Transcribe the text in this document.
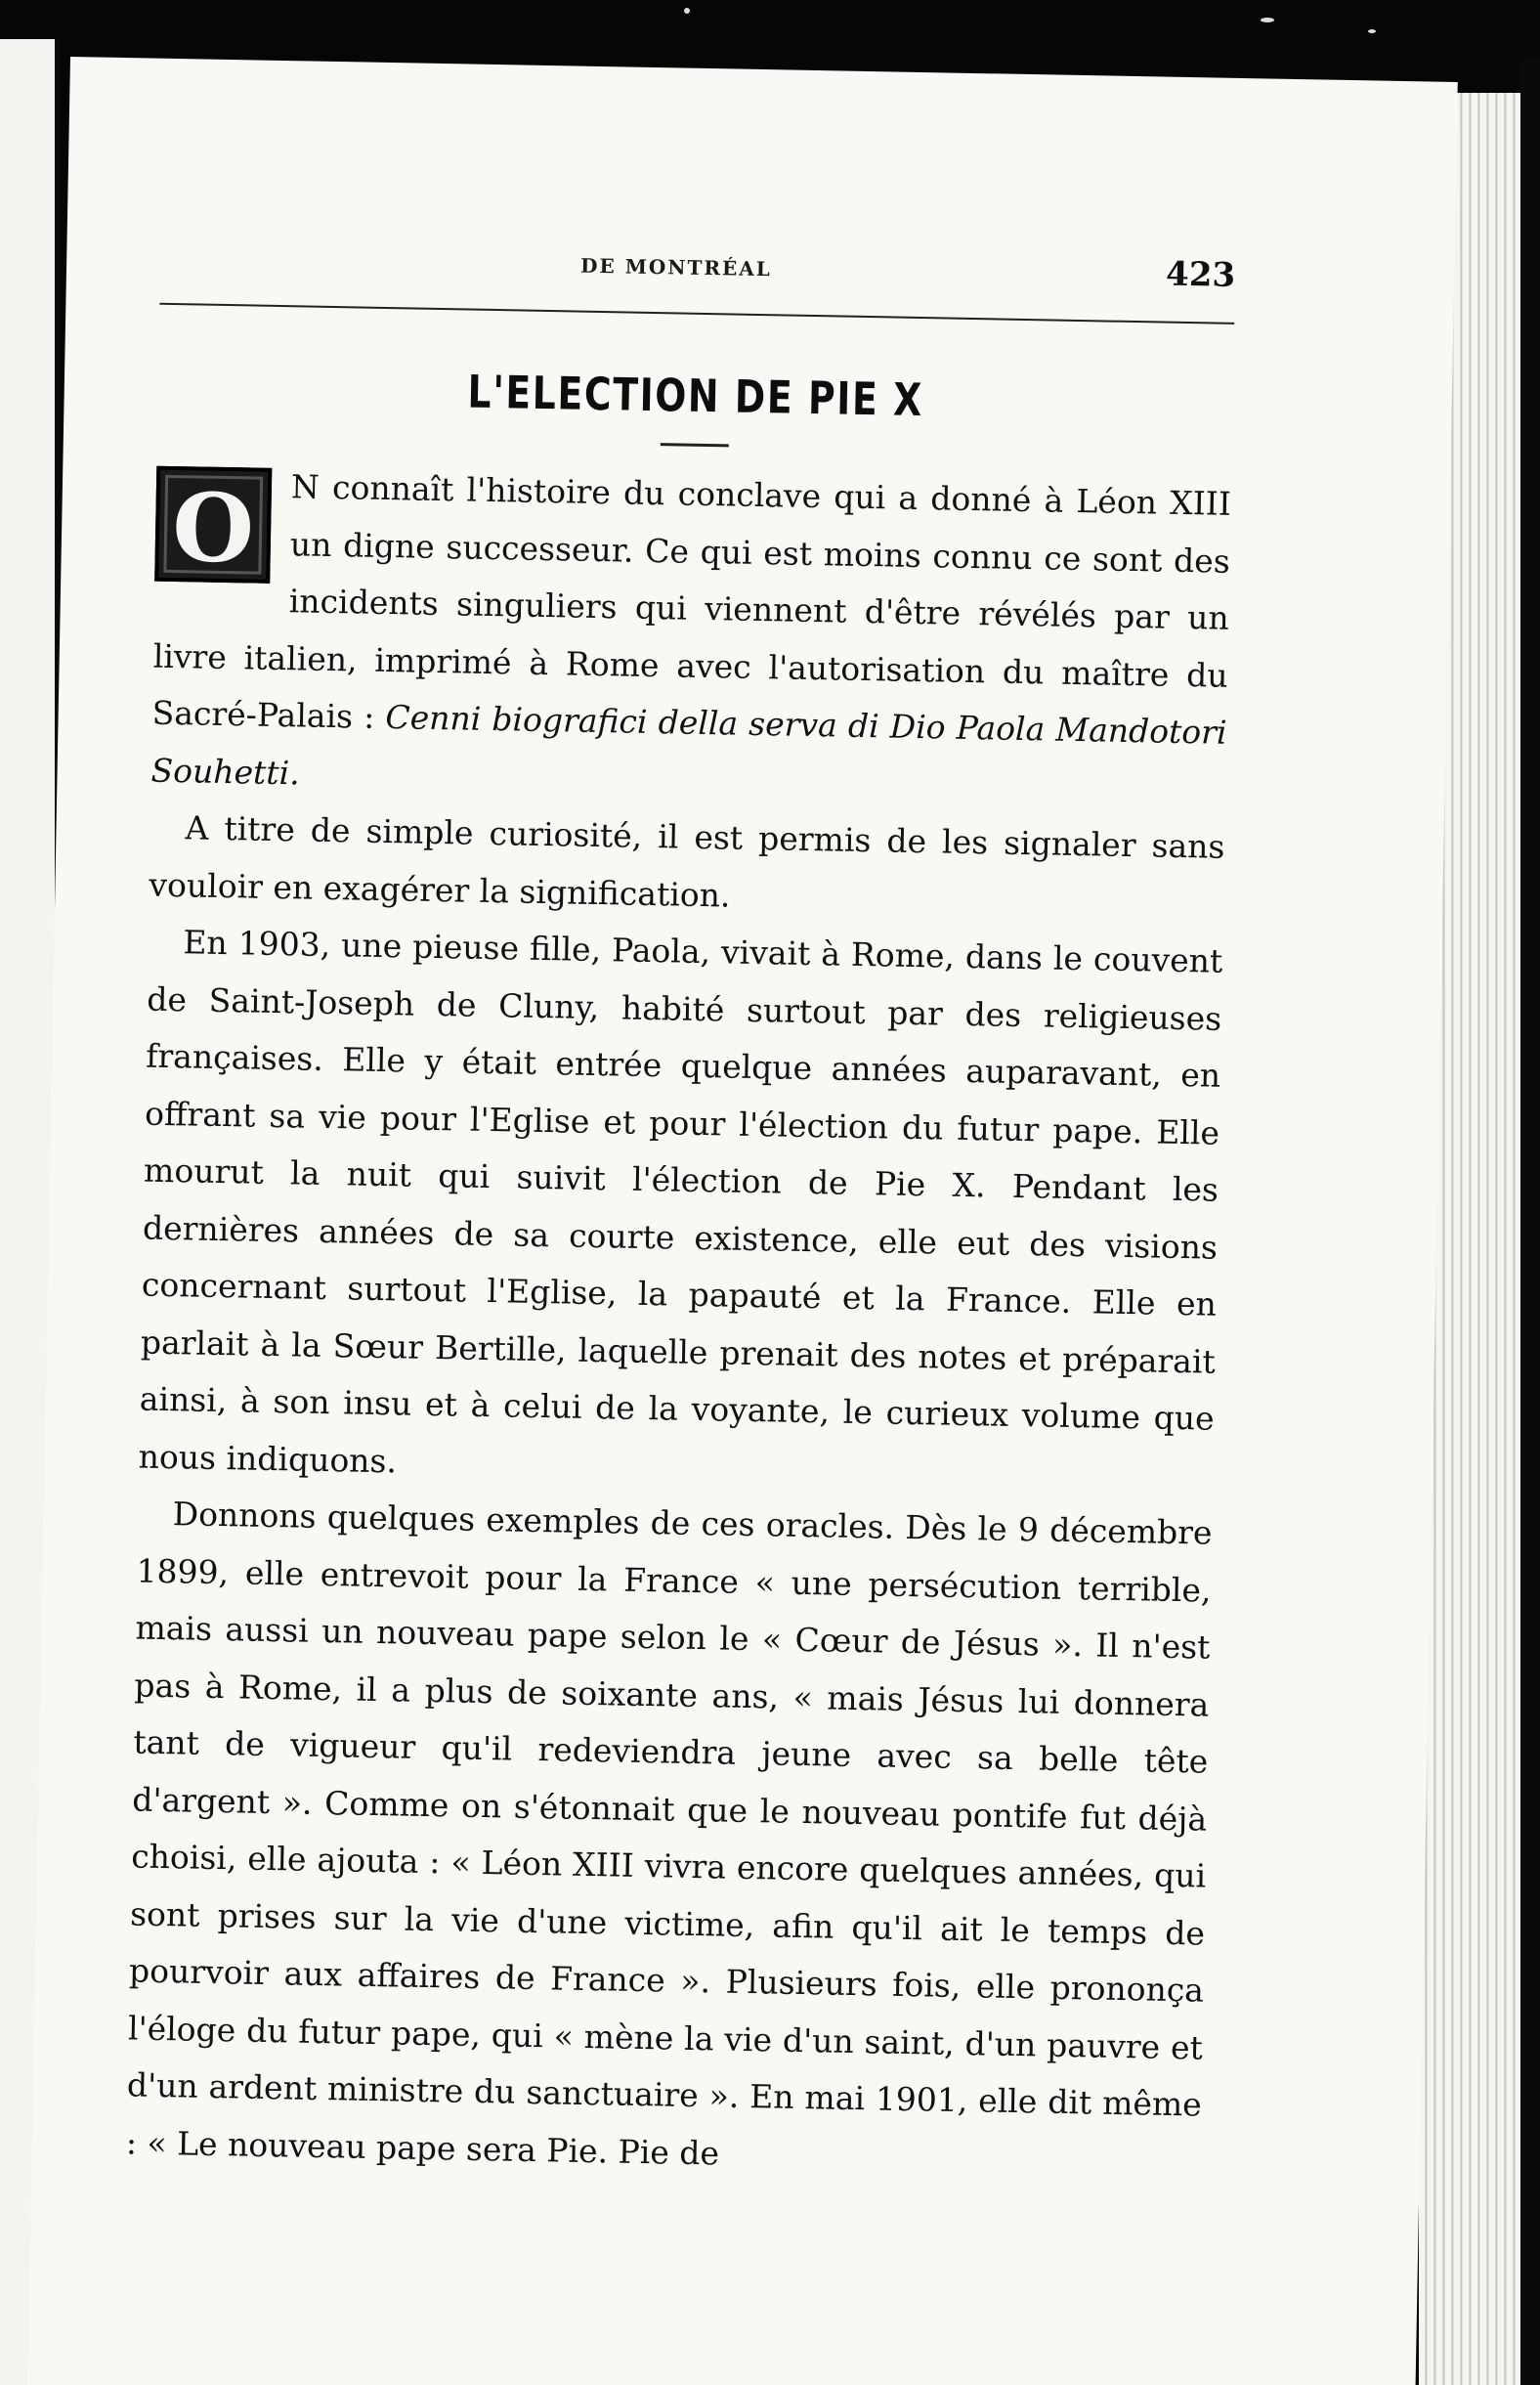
DE MONTRÉAL	423
L'ELECTION DE PIE X

O	N connaît l'histoire du conclave qui a donné à Léon XIII un digne successeur. Ce qui est moins connu ce sont des incidents singuliers qui viennent d'être révélés par un livre italien, imprimé à Rome avec l'autorisation du maître du Sacré-Palais : Cenni biografici della serva di Dio Paola Mandotori Souhetti.

A titre de simple curiosité, il est permis de les signaler sans vouloir en exagérer la signification.

En 1903, une pieuse fille, Paola, vivait à Rome, dans le couvent de Saint-Joseph de Cluny, habité surtout par des religieuses françaises. Elle y était entrée quelque années auparavant, en offrant sa vie pour l'Eglise et pour l'élection du futur pape. Elle mourut la nuit qui suivit l'élection de Pie X. Pendant les dernières années de sa courte existence, elle eut des visions concernant surtout l'Eglise, la papauté et la France. Elle en parlait à la Sœur Bertille, laquelle prenait des notes et préparait ainsi, à son insu et à celui de la voyante, le curieux volume que nous indiquons.

Donnons quelques exemples de ces oracles. Dès le 9 décembre 1899, elle entrevoit pour la France « une persécution terrible, mais aussi un nouveau pape selon le « Cœur de Jésus ». Il n'est pas à Rome, il a plus de soixante ans, « mais Jésus lui donnera tant de vigueur qu'il redeviendra jeune avec sa belle tête d'argent ». Comme on s'étonnait que le nouveau pontife fut déjà choisi, elle ajouta : « Léon XIII vivra encore quelques années, qui sont prises sur la vie d'une victime, afin qu'il ait le temps de pourvoir aux affaires de France ». Plusieurs fois, elle prononça l'éloge du futur pape, qui « mène la vie d'un saint, d'un pauvre et d'un ardent ministre du sanctuaire ». En mai 1901, elle dit même : « Le nouveau pape sera Pie. Pie de
